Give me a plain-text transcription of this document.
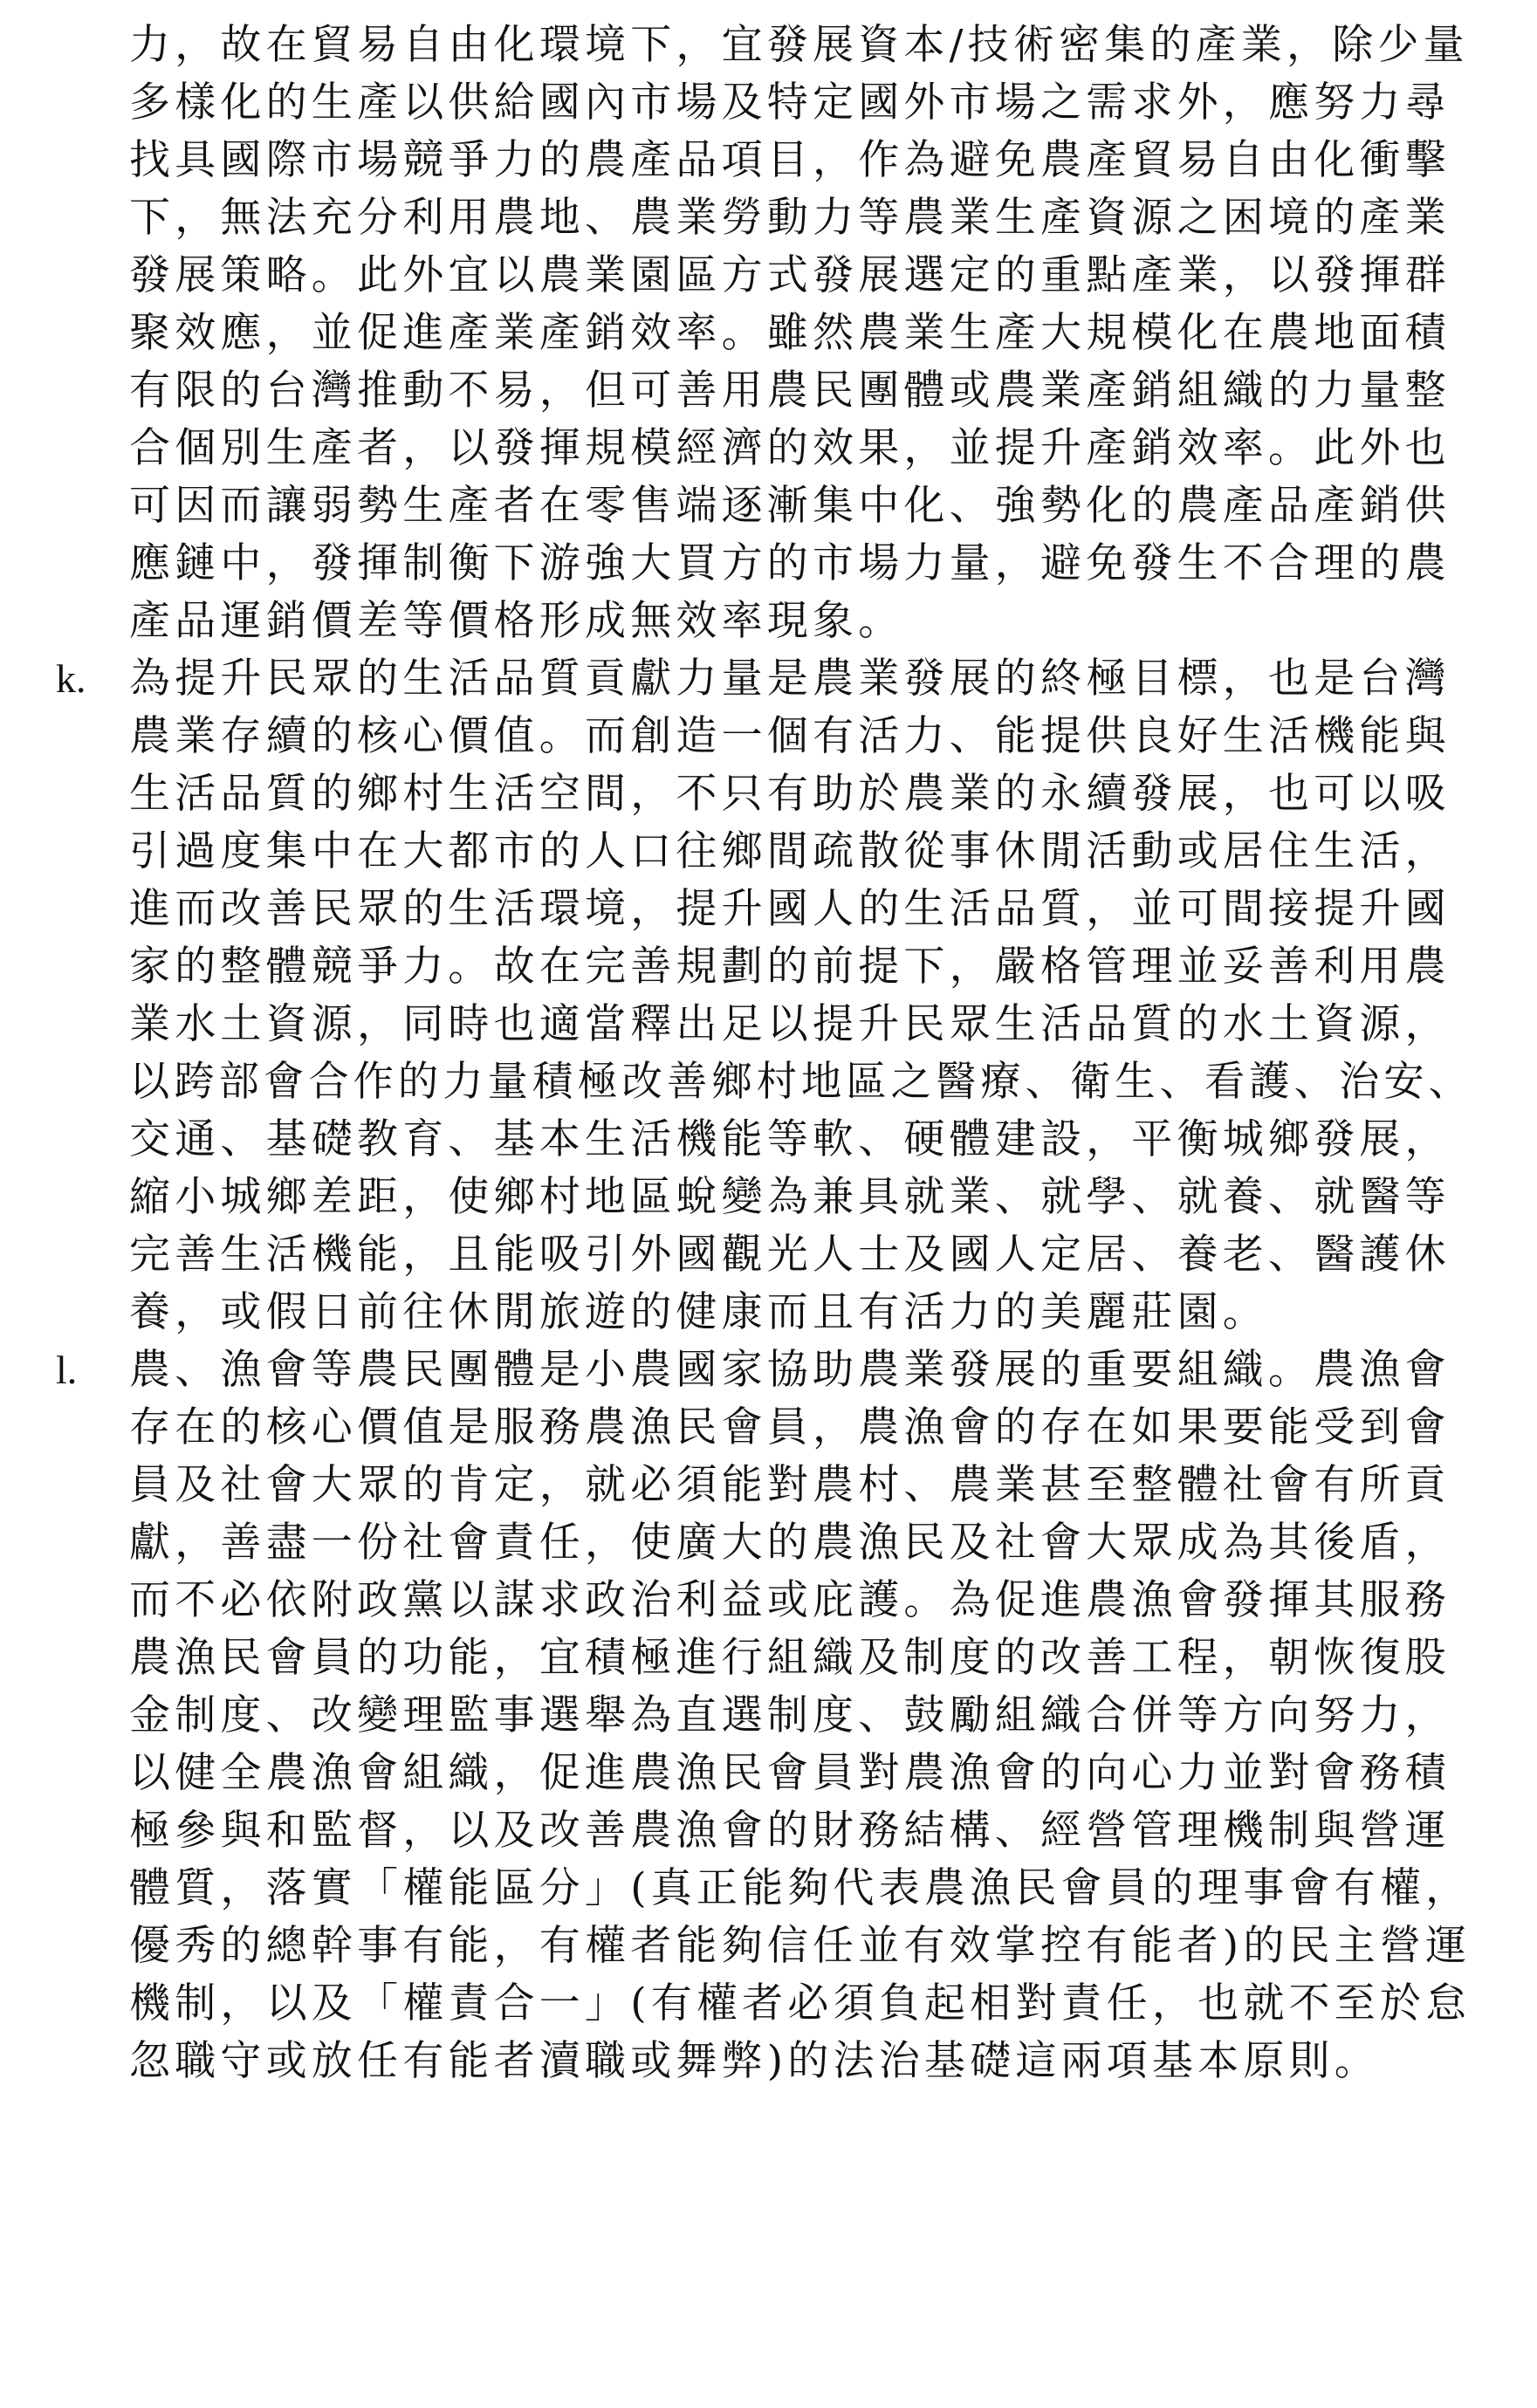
力，故在貿易自由化環境下，宜發展資本/技術密集的產業，除少量
多樣化的生產以供給國內市場及特定國外市場之需求外，應努力尋
找具國際市場競爭力的農產品項目，作為避免農產貿易自由化衝擊
下，無法充分利用農地、農業勞動力等農業生產資源之困境的產業
發展策略。此外宜以農業園區方式發展選定的重點產業，以發揮群
聚效應，並促進產業產銷效率。雖然農業生產大規模化在農地面積
有限的台灣推動不易，但可善用農民團體或農業產銷組織的力量整
合個別生產者，以發揮規模經濟的效果，並提升產銷效率。此外也
可因而讓弱勢生產者在零售端逐漸集中化、強勢化的農產品產銷供
應鏈中，發揮制衡下游強大買方的市場力量，避免發生不合理的農
產品運銷價差等價格形成無效率現象。
k. 為提升民眾的生活品質貢獻力量是農業發展的終極目標，也是台灣
農業存續的核心價值。而創造一個有活力、能提供良好生活機能與
生活品質的鄉村生活空間，不只有助於農業的永續發展，也可以吸
引過度集中在大都市的人口往鄉間疏散從事休閒活動或居住生活，
進而改善民眾的生活環境，提升國人的生活品質，並可間接提升國
家的整體競爭力。故在完善規劃的前提下，嚴格管理並妥善利用農
業水土資源，同時也適當釋出足以提升民眾生活品質的水土資源，
以跨部會合作的力量積極改善鄉村地區之醫療、衛生、看護、治安、
交通、基礎教育、基本生活機能等軟、硬體建設，平衡城鄉發展，
縮小城鄉差距，使鄉村地區蛻變為兼具就業、就學、就養、就醫等
完善生活機能，且能吸引外國觀光人士及國人定居、養老、醫護休
養，或假日前往休閒旅遊的健康而且有活力的美麗莊園。
l. 農、漁會等農民團體是小農國家協助農業發展的重要組織。農漁會
存在的核心價值是服務農漁民會員，農漁會的存在如果要能受到會
員及社會大眾的肯定，就必須能對農村、農業甚至整體社會有所貢
獻，善盡一份社會責任，使廣大的農漁民及社會大眾成為其後盾，
而不必依附政黨以謀求政治利益或庇護。為促進農漁會發揮其服務
農漁民會員的功能，宜積極進行組織及制度的改善工程，朝恢復股
金制度、改變理監事選舉為直選制度、鼓勵組織合併等方向努力，
以健全農漁會組織，促進農漁民會員對農漁會的向心力並對會務積
極參與和監督，以及改善農漁會的財務結構、經營管理機制與營運
體質，落實「權能區分」(真正能夠代表農漁民會員的理事會有權，
優秀的總幹事有能，有權者能夠信任並有效掌控有能者)的民主營運
機制，以及「權責合一」(有權者必須負起相對責任，也就不至於怠
忽職守或放任有能者瀆職或舞弊)的法治基礎這兩項基本原則。
